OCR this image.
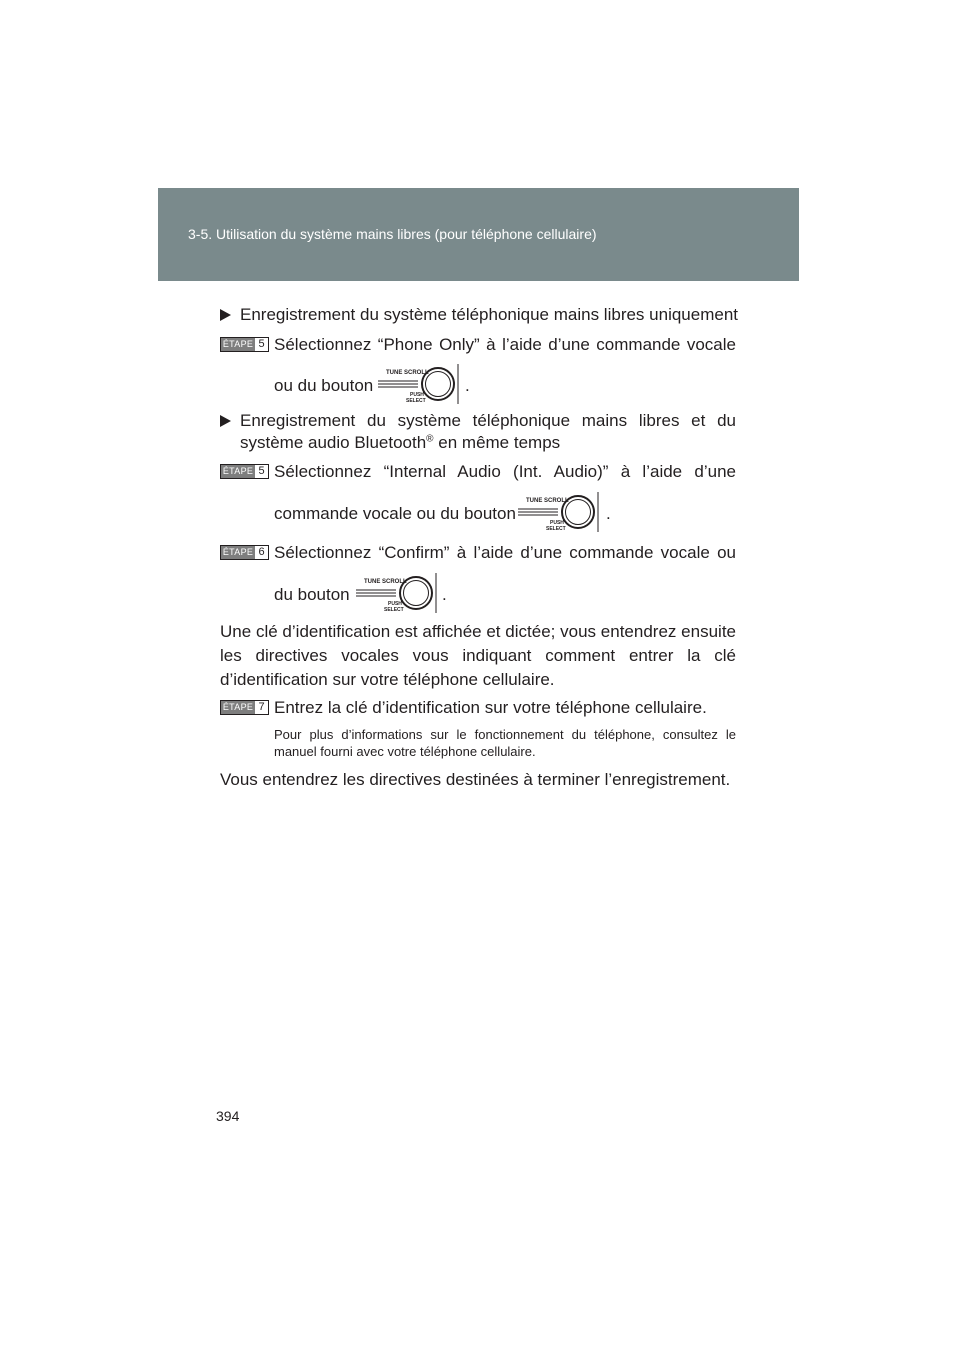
3-5. Utilisation du système mains libres (pour téléphone cellulaire)
Enregistrement du système téléphonique mains libres uniquement
ÉTAPE 5 Sélectionnez “Phone Only” à l’aide d’une commande vocale
ou du bouton
TUNE SCROLL
PUSH
SELECT
.
Enregistrement du système téléphonique mains libres et du
système audio Bluetooth® en même temps
ÉTAPE 5 Sélectionnez “Internal Audio (Int. Audio)” à l’aide d’une
commande vocale ou du bouton
TUNE SCROLL
PUSH
SELECT
.
ÉTAPE 6 Sélectionnez “Confirm” à l’aide d’une commande vocale ou
du bouton
TUNE SCROLL
PUSH
SELECT
.
Une clé d’identification est affichée et dictée; vous entendrez ensuite les directives vocales vous indiquant comment entrer la clé d’identification sur votre téléphone cellulaire.
ÉTAPE 7 Entrez la clé d’identification sur votre téléphone cellulaire.
Pour plus d’informations sur le fonctionnement du téléphone, consultez le manuel fourni avec votre téléphone cellulaire.
Vous entendrez les directives destinées à terminer l’enregistrement.
394
